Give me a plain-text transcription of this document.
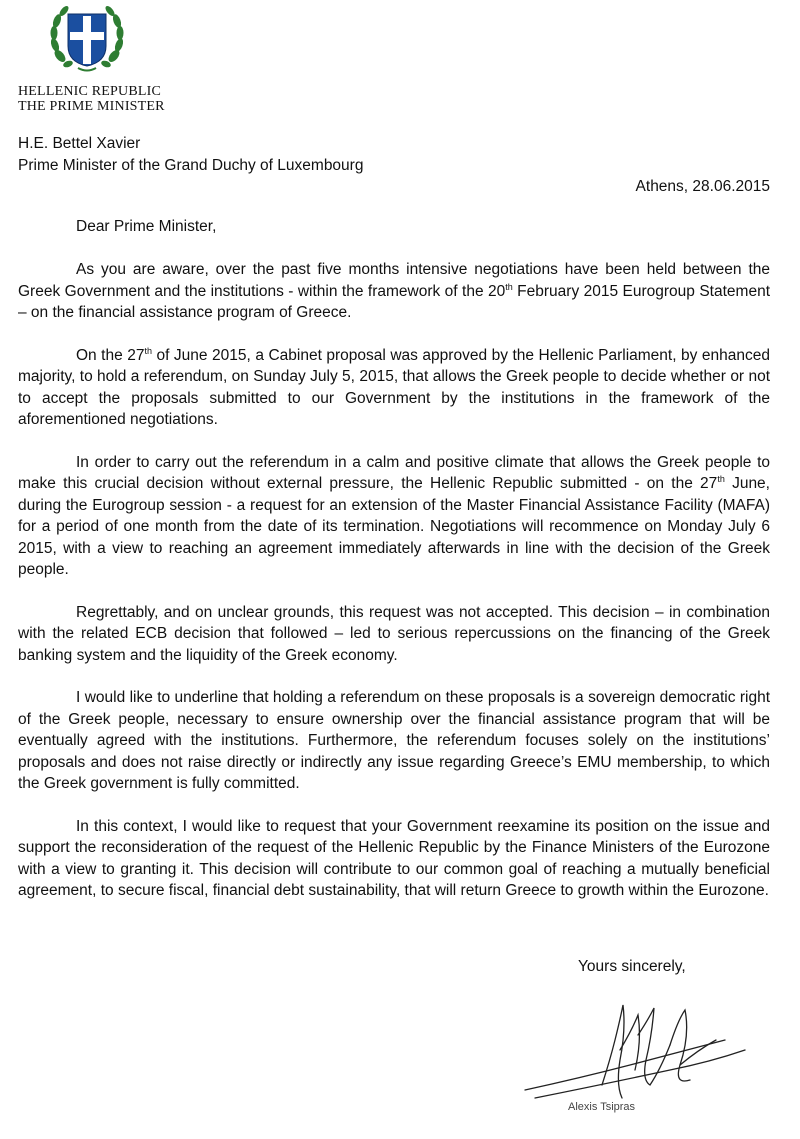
HELLENIC REPUBLIC
THE PRIME MINISTER
H.E. Bettel Xavier
Prime Minister of the Grand Duchy of Luxembourg
Athens, 28.06.2015
Dear Prime Minister,

As you are aware, over the past five months intensive negotiations have been held between the Greek Government and the institutions - within the framework of the 20th February 2015 Eurogroup Statement – on the financial assistance program of Greece.

On the 27th of June 2015, a Cabinet proposal was approved by the Hellenic Parliament, by enhanced majority, to hold a referendum, on Sunday July 5, 2015, that allows the Greek people to decide whether or not to accept the proposals submitted to our Government by the institutions in the framework of the aforementioned negotiations.

In order to carry out the referendum in a calm and positive climate that allows the Greek people to make this crucial decision without external pressure, the Hellenic Republic submitted - on the 27th June, during the Eurogroup session - a request for an extension of the Master Financial Assistance Facility (MAFA) for a period of one month from the date of its termination. Negotiations will recommence on Monday July 6 2015, with a view to reaching an agreement immediately afterwards in line with the decision of the Greek people.

Regrettably, and on unclear grounds, this request was not accepted. This decision – in combination with the related ECB decision that followed – led to serious repercussions on the financing of the Greek banking system and the liquidity of the Greek economy.

I would like to underline that holding a referendum on these proposals is a sovereign democratic right of the Greek people, necessary to ensure ownership over the financial assistance program that will be eventually agreed with the institutions. Furthermore, the referendum focuses solely on the institutions’ proposals and does not raise directly or indirectly any issue regarding Greece’s EMU membership, to which the Greek government is fully committed.

In this context, I would like to request that your Government reexamine its position on the issue and support the reconsideration of the request of the Hellenic Republic by the Finance Ministers of the Eurozone with a view to granting it. This decision will contribute to our common goal of reaching a mutually beneficial agreement, to secure fiscal, financial debt sustainability, that will return Greece to growth within the Eurozone.

Yours sincerely,
Alexis Tsipras
